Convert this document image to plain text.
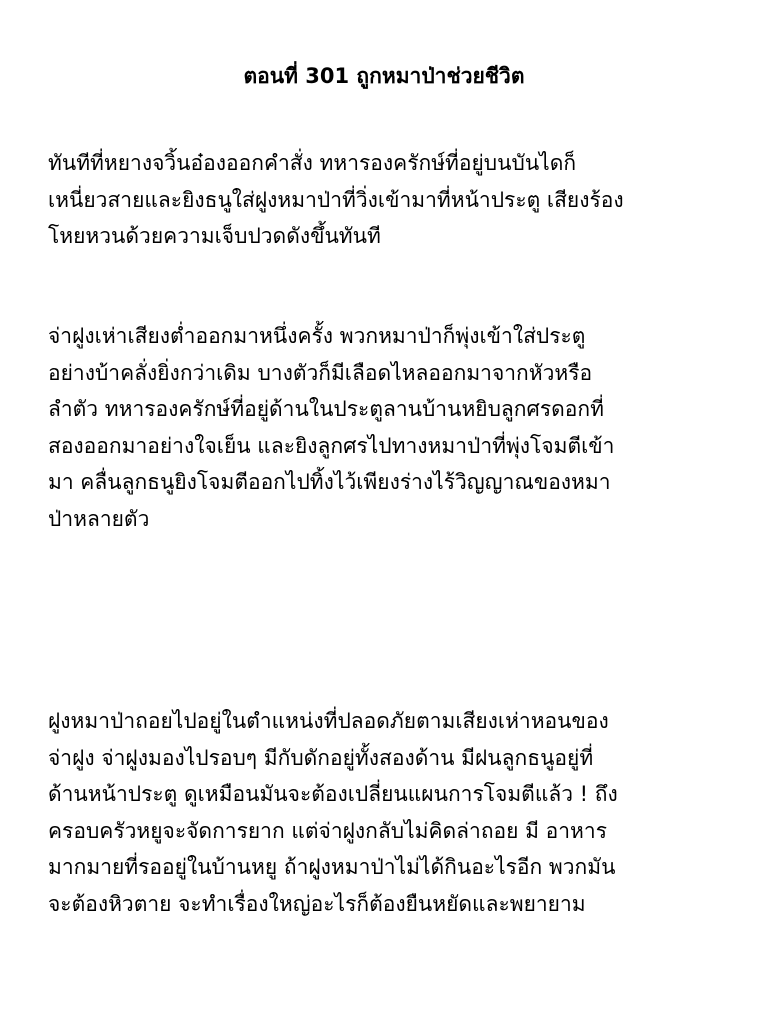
ตอนที่ 301 ถูกหมาป่าช่วยชีวิต
ทันทีที่หยางจวิ้นอ๋องออกคำสั่ง ทหารองครักษ์ที่อยู่บนบันไดก็
เหนี่ยวสายและยิงธนูใส่ฝูงหมาป่าที่วิ่งเข้ามาที่หน้าประตู เสียงร้อง
โหยหวนด้วยความเจ็บปวดดังขึ้นทันที
จ่าฝูงเห่าเสียงต่ำออกมาหนึ่งครั้ง พวกหมาป่าก็พุ่งเข้าใส่ประตู
อย่างบ้าคลั่งยิ่งกว่าเดิม บางตัวก็มีเลือดไหลออกมาจากหัวหรือ
ลำตัว ทหารองครักษ์ที่อยู่ด้านในประตูลานบ้านหยิบลูกศรดอกที่
สองออกมาอย่างใจเย็น และยิงลูกศรไปทางหมาป่าที่พุ่งโจมตีเข้า
มา คลื่นลูกธนูยิงโจมตีออกไปทิ้งไว้เพียงร่างไร้วิญญาณของหมา
ป่าหลายตัว
ฝูงหมาป่าถอยไปอยู่ในตำแหน่งที่ปลอดภัยตามเสียงเห่าหอนของ
จ่าฝูง จ่าฝูงมองไปรอบๆ มีกับดักอยู่ทั้งสองด้าน มีฝนลูกธนูอยู่ที่
ด้านหน้าประตู ดูเหมือนมันจะต้องเปลี่ยนแผนการโจมตีแล้ว ! ถึง
ครอบครัวหยูจะจัดการยาก แต่จ่าฝูงกลับไม่คิดล่าถอย มี อาหาร
มากมายที่รออยู่ในบ้านหยู ถ้าฝูงหมาป่าไม่ได้กินอะไรอีก พวกมัน
จะต้องหิวตาย จะทำเรื่องใหญ่อะไรก็ต้องยืนหยัดและพยายาม
